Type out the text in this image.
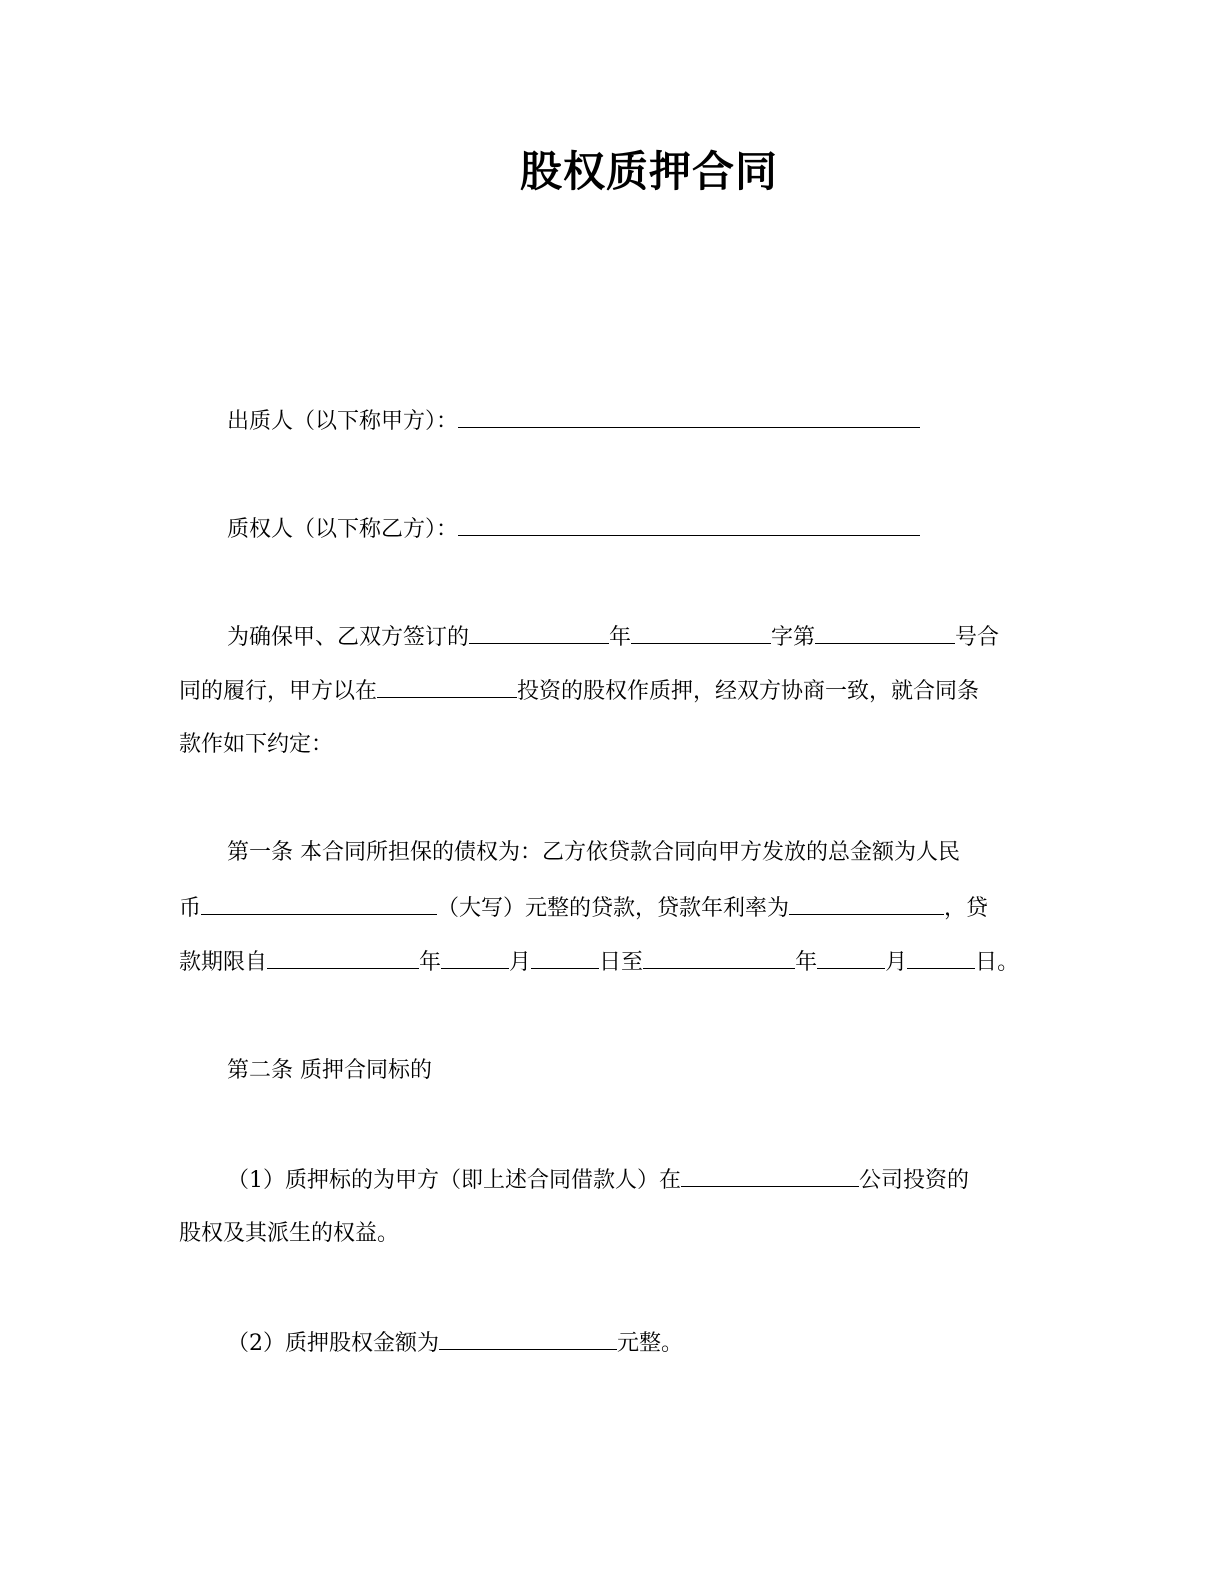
股权质押合同
出质人（以下称甲方）：
质权人（以下称乙方）：
为确保甲、乙双方签订的	年	字第	号合
同的履行，甲方以在	投资的股权作质押，经双方协商一致，就合同条
款作如下约定：
第一条 本合同所担保的债权为：乙方依贷款合同向甲方发放的总金额为人民
币	（大写）元整的贷款，贷款年利率为	，贷
款期限自	年	月	日至	年	月	日。
第二条 质押合同标的
（1）质押标的为甲方（即上述合同借款人）在	公司投资的
股权及其派生的权益。
（2）质押股权金额为	元整。
